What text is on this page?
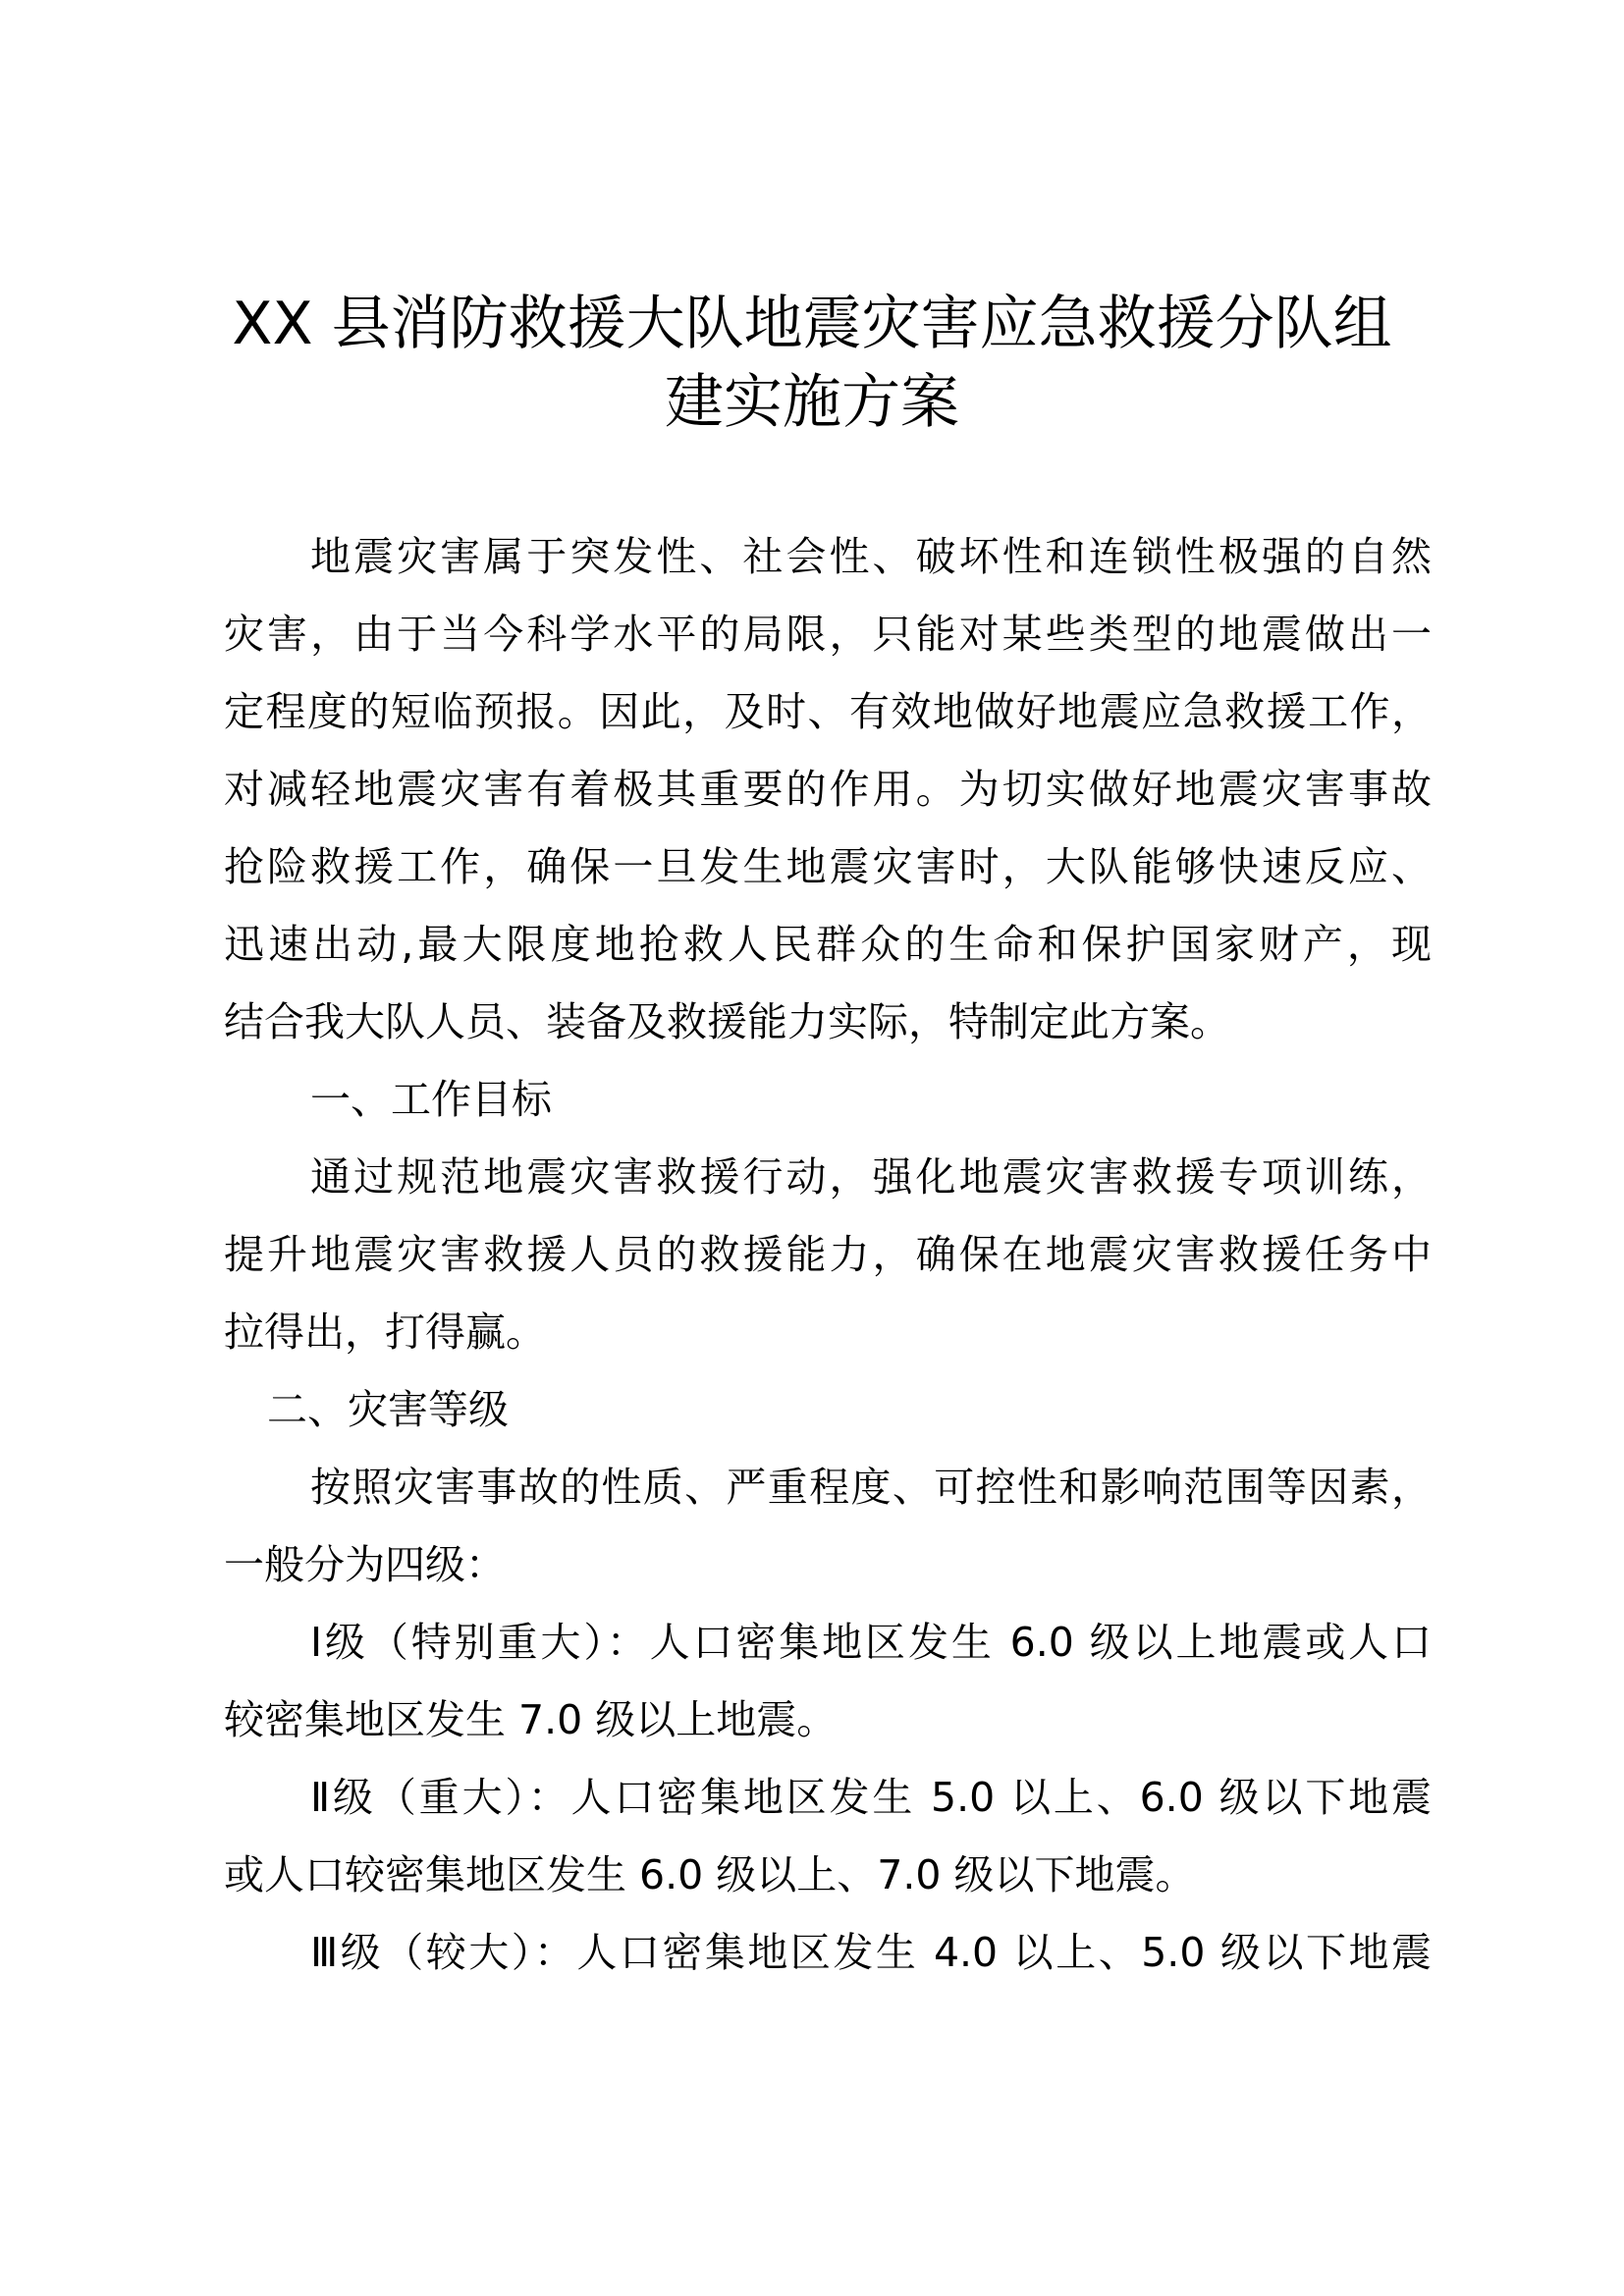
XX 县消防救援大队地震灾害应急救援分队组
建实施方案

地震灾害属于突发性、社会性、破坏性和连锁性极强的自然

灾害，由于当今科学水平的局限，只能对某些类型的地震做出一

定程度的短临预报。因此，及时、有效地做好地震应急救援工作，

对减轻地震灾害有着极其重要的作用。为切实做好地震灾害事故

抢险救援工作，确保一旦发生地震灾害时，大队能够快速反应、

迅速出动,最大限度地抢救人民群众的生命和保护国家财产，现

结合我大队人员、装备及救援能力实际，特制定此方案。

一、工作目标

通过规范地震灾害救援行动，强化地震灾害救援专项训练，

提升地震灾害救援人员的救援能力，确保在地震灾害救援任务中

拉得出，打得赢。

二、灾害等级

按照灾害事故的性质、严重程度、可控性和影响范围等因素，

一般分为四级：

Ⅰ级（特别重大）：人口密集地区发生 6.0 级以上地震或人口

较密集地区发生 7.0 级以上地震。

Ⅱ级（重大）：人口密集地区发生 5.0 以上、6.0 级以下地震

或人口较密集地区发生 6.0 级以上、7.0 级以下地震。

Ⅲ级（较大）：人口密集地区发生 4.0 以上、5.0 级以下地震
